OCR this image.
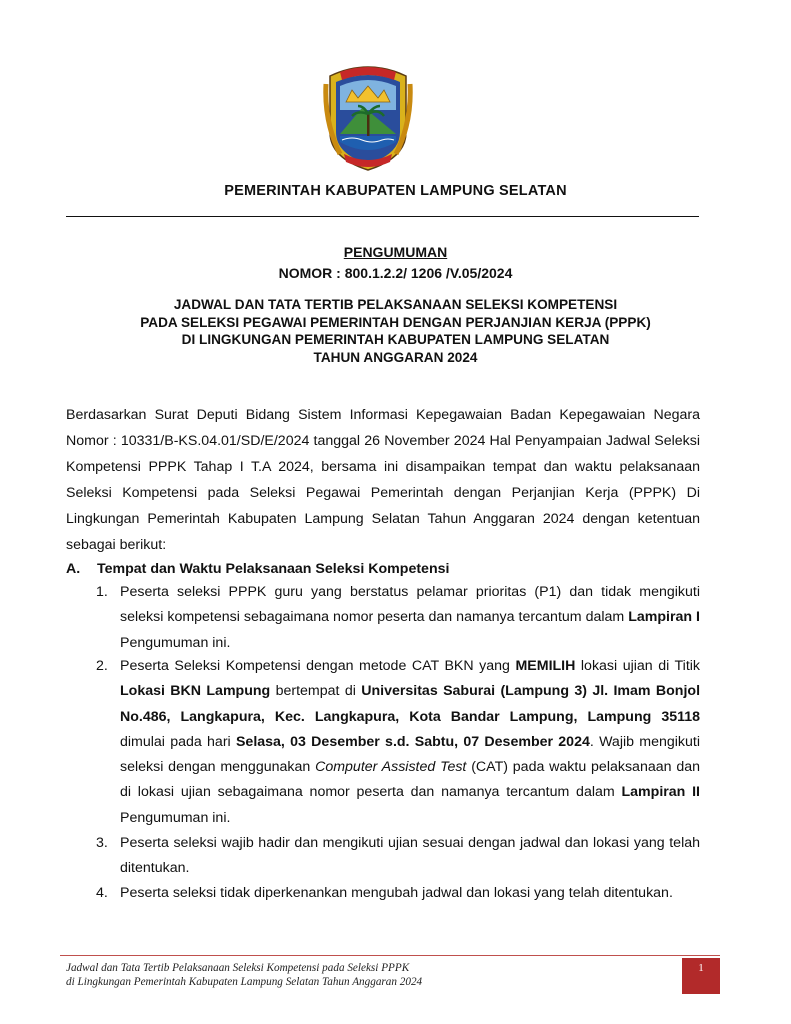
PEMERINTAH KABUPATEN LAMPUNG SELATAN
PENGUMUMAN
NOMOR : 800.1.2.2/ 1206 /V.05/2024
JADWAL DAN TATA TERTIB PELAKSANAAN SELEKSI KOMPETENSI
PADA SELEKSI PEGAWAI PEMERINTAH DENGAN PERJANJIAN KERJA (PPPK)
DI LINGKUNGAN PEMERINTAH KABUPATEN LAMPUNG SELATAN
TAHUN ANGGARAN 2024
Berdasarkan Surat Deputi Bidang Sistem Informasi Kepegawaian Badan Kepegawaian Negara Nomor : 10331/B-KS.04.01/SD/E/2024 tanggal 26 November 2024 Hal Penyampaian Jadwal Seleksi Kompetensi PPPK Tahap I T.A 2024, bersama ini disampaikan tempat dan waktu pelaksanaan Seleksi Kompetensi pada Seleksi Pegawai Pemerintah dengan Perjanjian Kerja (PPPK) Di Lingkungan Pemerintah Kabupaten Lampung Selatan Tahun Anggaran 2024 dengan ketentuan sebagai berikut:
A. Tempat dan Waktu Pelaksanaan Seleksi Kompetensi
1. Peserta seleksi PPPK guru yang berstatus pelamar prioritas (P1) dan tidak mengikuti seleksi kompetensi sebagaimana nomor peserta dan namanya tercantum dalam Lampiran I Pengumuman ini.
2. Peserta Seleksi Kompetensi dengan metode CAT BKN yang MEMILIH lokasi ujian di Titik Lokasi BKN Lampung bertempat di Universitas Saburai (Lampung 3) Jl. Imam Bonjol No.486, Langkapura, Kec. Langkapura, Kota Bandar Lampung, Lampung 35118 dimulai pada hari Selasa, 03 Desember s.d. Sabtu, 07 Desember 2024. Wajib mengikuti seleksi dengan menggunakan Computer Assisted Test (CAT) pada waktu pelaksanaan dan di lokasi ujian sebagaimana nomor peserta dan namanya tercantum dalam Lampiran II Pengumuman ini.
3. Peserta seleksi wajib hadir dan mengikuti ujian sesuai dengan jadwal dan lokasi yang telah ditentukan.
4. Peserta seleksi tidak diperkenankan mengubah jadwal dan lokasi yang telah ditentukan.
Jadwal dan Tata Tertib Pelaksanaan Seleksi Kompetensi pada Seleksi PPPK
di Lingkungan Pemerintah Kabupaten Lampung Selatan Tahun Anggaran 2024
1
